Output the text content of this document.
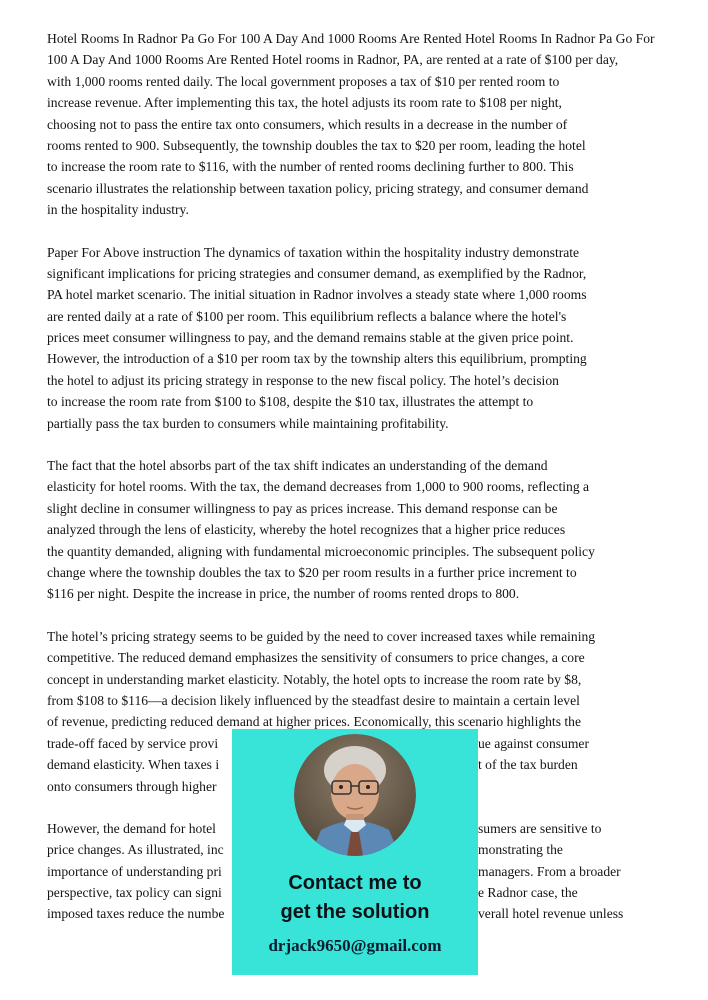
Hotel Rooms In Radnor Pa Go For 100 A Day And 1000 Rooms Are Rented Hotel Rooms In Radnor Pa Go For
100 A Day And 1000 Rooms Are Rented Hotel rooms in Radnor, PA, are rented at a rate of $100 per day,
with 1,000 rooms rented daily. The local government proposes a tax of $10 per rented room to
increase revenue. After implementing this tax, the hotel adjusts its room rate to $108 per night,
choosing not to pass the entire tax onto consumers, which results in a decrease in the number of
rooms rented to 900. Subsequently, the township doubles the tax to $20 per room, leading the hotel
to increase the room rate to $116, with the number of rented rooms declining further to 800. This
scenario illustrates the relationship between taxation policy, pricing strategy, and consumer demand
in the hospitality industry.
Paper For Above instruction The dynamics of taxation within the hospitality industry demonstrate
significant implications for pricing strategies and consumer demand, as exemplified by the Radnor,
PA hotel market scenario. The initial situation in Radnor involves a steady state where 1,000 rooms
are rented daily at a rate of $100 per room. This equilibrium reflects a balance where the hotel's
prices meet consumer willingness to pay, and the demand remains stable at the given price point.
However, the introduction of a $10 per room tax by the township alters this equilibrium, prompting
the hotel to adjust its pricing strategy in response to the new fiscal policy. The hotel’s decision
to increase the room rate from $100 to $108, despite the $10 tax, illustrates the attempt to
partially pass the tax burden to consumers while maintaining profitability.
The fact that the hotel absorbs part of the tax shift indicates an understanding of the demand
elasticity for hotel rooms. With the tax, the demand decreases from 1,000 to 900 rooms, reflecting a
slight decline in consumer willingness to pay as prices increase. This demand response can be
analyzed through the lens of elasticity, whereby the hotel recognizes that a higher price reduces
the quantity demanded, aligning with fundamental microeconomic principles. The subsequent policy
change where the township doubles the tax to $20 per room results in a further price increment to
$116 per night. Despite the increase in price, the number of rooms rented drops to 800.
The hotel’s pricing strategy seems to be guided by the need to cover increased taxes while remaining
competitive. The reduced demand emphasizes the sensitivity of consumers to price changes, a core
concept in understanding market elasticity. Notably, the hotel opts to increase the room rate by $8,
from $108 to $116—a decision likely influenced by the steadfast desire to maintain a certain level
of revenue, predicting reduced demand at higher prices. Economically, this scenario highlights the
trade-off faced by service provi	ue against consumer
demand elasticity. When taxes i	t of the tax burden
onto consumers through higher
However, the demand for hotel	sumers are sensitive to
price changes. As illustrated, inc	monstrating the
importance of understanding pri	managers. From a broader
perspective, tax policy can signi	e Radnor case, the
imposed taxes reduce the numbe	verall hotel revenue unless
Contact me to
get the solution
drjack9650@gmail.com
